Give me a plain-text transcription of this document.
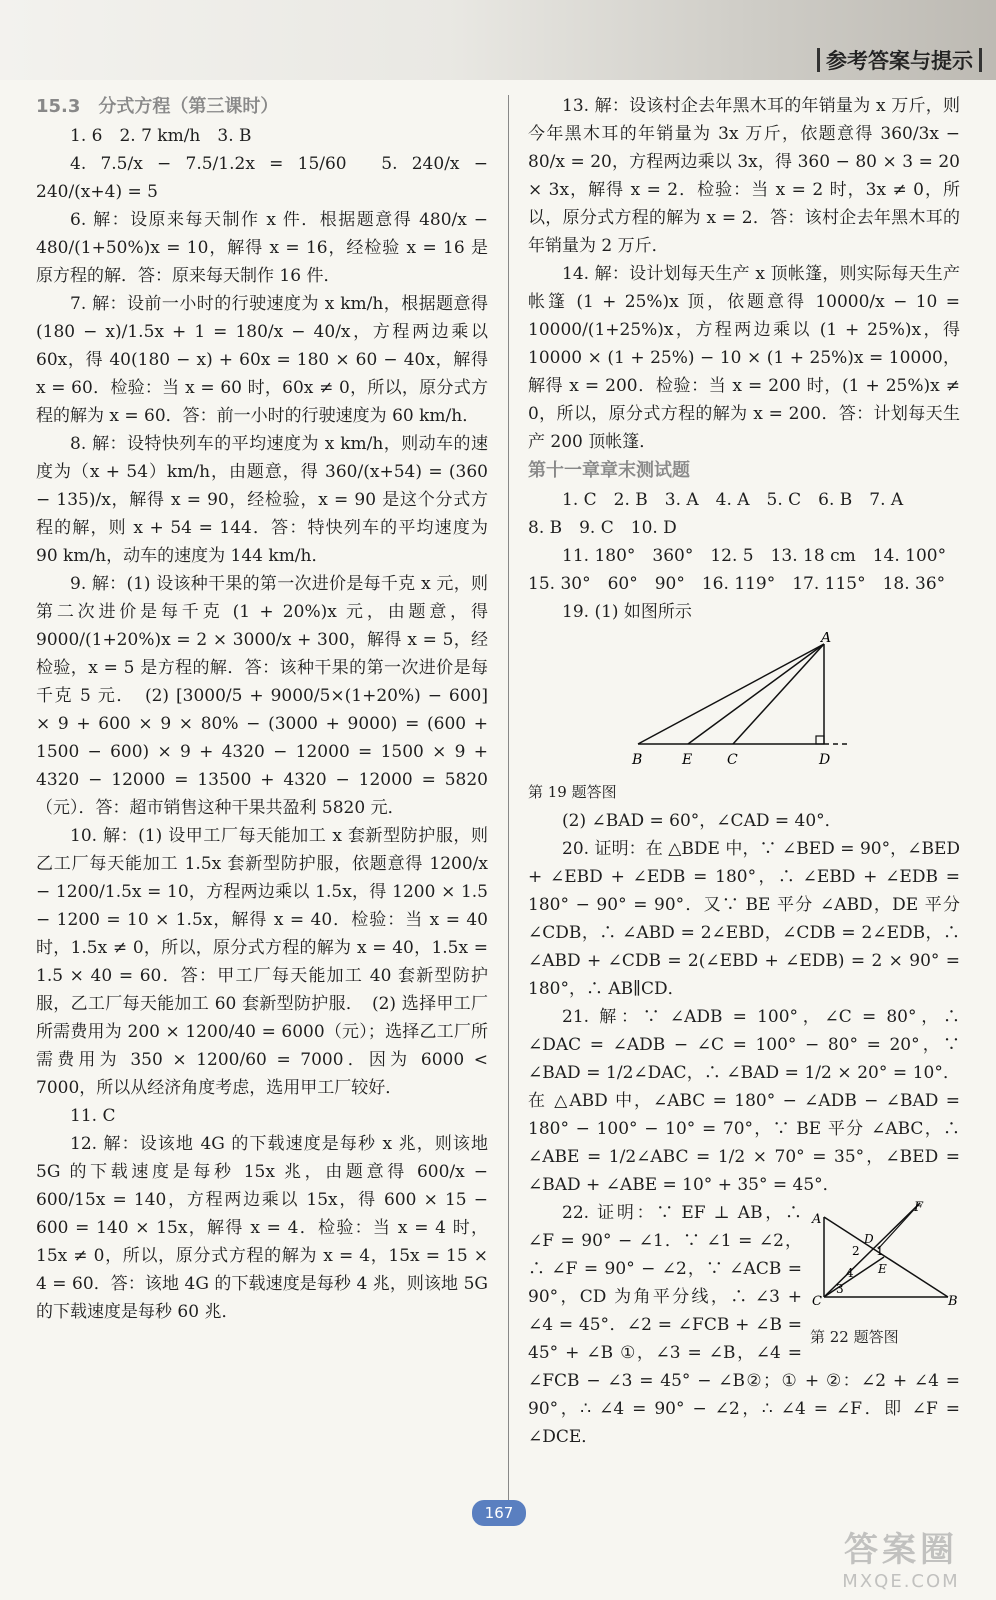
参考答案与提示

15.3　分式方程（第三课时）

1. 6　2. 7 km/h　3. B

4. 7.5/x − 7.5/1.2x = 15/60　5. 240/x − 240/(x+4) = 5

6. 解：设原来每天制作 x 件．根据题意得 480/x − 480/(1+50%)x = 10，解得 x = 16，经检验 x = 16 是原方程的解．答：原来每天制作 16 件．

7. 解：设前一小时的行驶速度为 x km/h，根据题意得 (180 − x)/1.5x + 1 = 180/x − 40/x，方程两边乘以 60x，得 40(180 − x) + 60x = 180 × 60 − 40x，解得 x = 60．检验：当 x = 60 时，60x ≠ 0，所以，原分式方程的解为 x = 60．答：前一小时的行驶速度为 60 km/h．

8. 解：设特快列车的平均速度为 x km/h，则动车的速度为（x + 54）km/h，由题意，得 360/(x+54) = (360 − 135)/x，解得 x = 90，经检验，x = 90 是这个分式方程的解，则 x + 54 = 144．答：特快列车的平均速度为 90 km/h，动车的速度为 144 km/h．

9. 解：(1) 设该种干果的第一次进价是每千克 x 元，则第二次进价是每千克 (1 + 20%)x 元，由题意，得 9000/(1+20%)x = 2 × 3000/x + 300，解得 x = 5，经检验，x = 5 是方程的解．答：该种干果的第一次进价是每千克 5 元．　(2) [3000/5 + 9000/5×(1+20%) − 600] × 9 + 600 × 9 × 80% − (3000 + 9000) = (600 + 1500 − 600) × 9 + 4320 − 12000 = 1500 × 9 + 4320 − 12000 = 13500 + 4320 − 12000 = 5820（元）．答：超市销售这种干果共盈利 5820 元．

10. 解：(1) 设甲工厂每天能加工 x 套新型防护服，则乙工厂每天能加工 1.5x 套新型防护服，依题意得 1200/x − 1200/1.5x = 10，方程两边乘以 1.5x，得 1200 × 1.5 − 1200 = 10 × 1.5x，解得 x = 40．检验：当 x = 40 时，1.5x ≠ 0，所以，原分式方程的解为 x = 40，1.5x = 1.5 × 40 = 60．答：甲工厂每天能加工 40 套新型防护服，乙工厂每天能加工 60 套新型防护服．　(2) 选择甲工厂所需费用为 200 × 1200/40 = 6000（元）；选择乙工厂所需费用为 350 × 1200/60 = 7000．因为 6000 < 7000，所以从经济角度考虑，选用甲工厂较好．

11. C

12. 解：设该地 4G 的下载速度是每秒 x 兆，则该地 5G 的下载速度是每秒 15x 兆，由题意得 600/x − 600/15x = 140，方程两边乘以 15x，得 600 × 15 − 600 = 140 × 15x，解得 x = 4．检验：当 x = 4 时，15x ≠ 0，所以，原分式方程的解为 x = 4，15x = 15 × 4 = 60．答：该地 4G 的下载速度是每秒 4 兆，则该地 5G 的下载速度是每秒 60 兆．

13. 解：设该村企去年黑木耳的年销量为 x 万斤，则今年黑木耳的年销量为 3x 万斤，依题意得 360/3x − 80/x = 20，方程两边乘以 3x，得 360 − 80 × 3 = 20 × 3x，解得 x = 2．检验：当 x = 2 时，3x ≠ 0，所以，原分式方程的解为 x = 2．答：该村企去年黑木耳的年销量为 2 万斤．

14. 解：设计划每天生产 x 顶帐篷，则实际每天生产帐篷 (1 + 25%)x 顶，依题意得 10000/x − 10 = 10000/(1+25%)x，方程两边乘以 (1 + 25%)x，得 10000 × (1 + 25%) − 10 × (1 + 25%)x = 10000，解得 x = 200．检验：当 x = 200 时，(1 + 25%)x ≠ 0，所以，原分式方程的解为 x = 200．答：计划每天生产 200 顶帐篷．

第十一章章末测试题

1. C　2. B　3. A　4. A　5. C　6. B　7. A

8. B　9. C　10. D

11. 180°　360°　12. 5　13. 18 cm　14. 100°

15. 30°　60°　90°　16. 119°　17. 115°　18. 36°

19. (1) 如图所示

A
B	E C	D

第 19 题答图

(2) ∠BAD = 60°，∠CAD = 40°．

20. 证明：在 △BDE 中，∵ ∠BED = 90°，∠BED + ∠EBD + ∠EDB = 180°，∴ ∠EBD + ∠EDB = 180° − 90° = 90°．又∵ BE 平分 ∠ABD，DE 平分 ∠CDB，∴ ∠ABD = 2∠EBD，∠CDB = 2∠EDB，∴ ∠ABD + ∠CDB = 2(∠EBD + ∠EDB) = 2 × 90° = 180°，∴ AB∥CD．

21. 解：∵ ∠ADB = 100°，∠C = 80°，∴ ∠DAC = ∠ADB − ∠C = 100° − 80° = 20°，∵ ∠BAD = 1/2∠DAC，∴ ∠BAD = 1/2 × 20° = 10°．在 △ABD 中，∠ABC = 180° − ∠ADB − ∠BAD = 180° − 100° − 10° = 70°，∵ BE 平分 ∠ABC，∴ ∠ABE = 1/2∠ABC = 1/2 × 70° = 35°，∠BED = ∠BAD + ∠ABE = 10° + 35° = 45°．

F
A
D
2 1
4 E
3
C	B

第 22 题答图

22. 证明：∵ EF ⊥ AB，∴ ∠F = 90° − ∠1．∵ ∠1 = ∠2，∴ ∠F = 90° − ∠2，∵ ∠ACB = 90°，CD 为角平分线，∴ ∠3 + ∠4 = 45°．∠2 = ∠FCB + ∠B = 45° + ∠B ①，∠3 = ∠B，∠4 = ∠FCB − ∠3 = 45° − ∠B②；① + ②：∠2 + ∠4 = 90°，∴ ∠4 = 90° − ∠2，∴ ∠4 = ∠F．即 ∠F = ∠DCE．

167
答案圈
MXQE.COM
